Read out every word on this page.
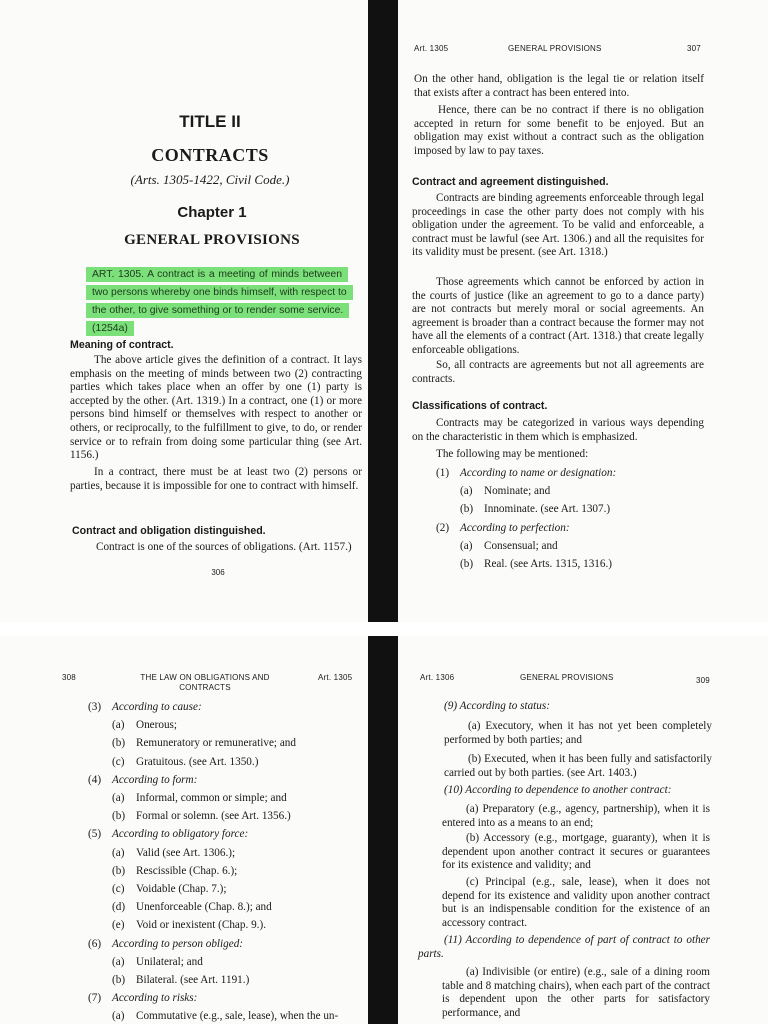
TITLE II
CONTRACTS
(Arts. 1305-1422, Civil Code.)
Chapter 1
GENERAL PROVISIONS
ART. 1305. A contract is a meeting of minds between two persons whereby one binds himself, with respect to the other, to give something or to render some service. (1254a)
Meaning of contract.
The above article gives the definition of a contract. It lays emphasis on the meeting of minds between two (2) contracting parties which takes place when an offer by one (1) party is accepted by the other. (Art. 1319.) In a contract, one (1) or more persons bind himself or themselves with respect to another or others, or reciprocally, to the fulfillment to give, to do, or render service or to refrain from doing some particular thing (see Art. 1156.)
In a contract, there must be at least two (2) persons or parties, because it is impossible for one to contract with himself.
Contract and obligation distinguished.
Contract is one of the sources of obligations. (Art. 1157.)
306
Art. 1305	GENERAL PROVISIONS	307
On the other hand, obligation is the legal tie or relation itself that exists after a contract has been entered into.
Hence, there can be no contract if there is no obligation accepted in return for some benefit to be enjoyed. But an obligation may exist without a contract such as the obligation imposed by law to pay taxes.
Contract and agreement distinguished.
Contracts are binding agreements enforceable through legal proceedings in case the other party does not comply with his obligation under the agreement. To be valid and enforceable, a contract must be lawful (see Art. 1306.) and all the requisites for its validity must be present. (see Art. 1318.)
Those agreements which cannot be enforced by action in the courts of justice (like an agreement to go to a dance party) are not contracts but merely moral or social agreements. An agreement is broader than a contract because the former may not have all the elements of a contract (Art. 1318.) that create legally enforceable obligations.
So, all contracts are agreements but not all agreements are contracts.
Classifications of contract.
Contracts may be categorized in various ways depending on the characteristic in them which is emphasized.
The following may be mentioned:
(1) According to name or designation:
(a) Nominate; and
(b) Innominate. (see Art. 1307.)
(2) According to perfection:
(a) Consensual; and
(b) Real. (see Arts. 1315, 1316.)
308	THE LAW ON OBLIGATIONS AND CONTRACTS
Art. 1305
(3) According to cause:
(a) Onerous;
(b) Remuneratory or remunerative; and
(c) Gratuitous. (see Art. 1350.)
(4) According to form:
(a) Informal, common or simple; and
(b) Formal or solemn. (see Art. 1356.)
(5) According to obligatory force:
(a) Valid (see Art. 1306.);
(b) Rescissible (Chap. 6.);
(c) Voidable (Chap. 7.);
(d) Unenforceable (Chap. 8.); and
(e) Void or inexistent (Chap. 9.).
(6) According to person obliged:
(a) Unilateral; and
(b) Bilateral. (see Art. 1191.)
(7) According to risks:
(a) Commutative (e.g., sale, lease), when the un-
Art. 1306	GENERAL PROVISIONS	309
(9) According to status:
(a) Executory, when it has not yet been completely performed by both parties; and
(b) Executed, when it has been fully and satisfactorily carried out by both parties. (see Art. 1403.)
(10) According to dependence to another contract:
(a) Preparatory (e.g., agency, partnership), when it is entered into as a means to an end;
(b) Accessory (e.g., mortgage, guaranty), when it is dependent upon another contract it secures or guarantees for its existence and validity; and
(c) Principal (e.g., sale, lease), when it does not depend for its existence and validity upon another contract but is an indispensable condition for the existence of an accessory contract.
(11) According to dependence of part of contract to other parts.
(a) Indivisible (or entire) (e.g., sale of a dining room table and 8 matching chairs), when each part of the contract is dependent upon the other parts for satisfactory performance, and
